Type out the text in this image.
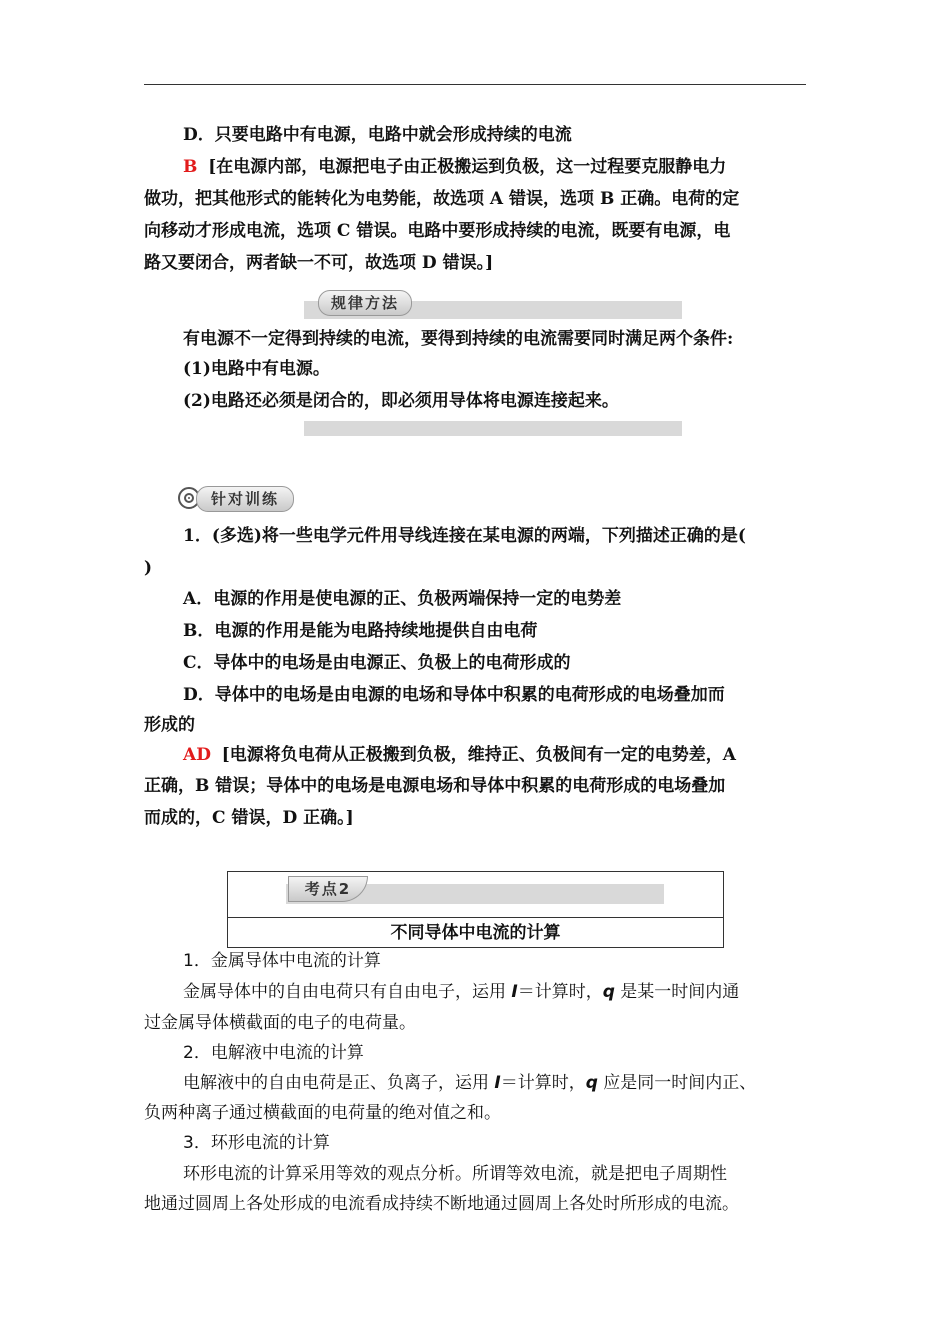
D．只要电路中有电源，电路中就会形成持续的电流
B [在电源内部，电源把电子由正极搬运到负极，这一过程要克服静电力
做功，把其他形式的能转化为电势能，故选项 A 错误，选项 B 正确。电荷的定
向移动才形成电流，选项 C 错误。电路中要形成持续的电流，既要有电源，电
路又要闭合，两者缺一不可，故选项 D 错误。]
规律方法
有电源不一定得到持续的电流，要得到持续的电流需要同时满足两个条件:
(1)电路中有电源。
(2)电路还必须是闭合的，即必须用导体将电源连接起来。
针对训练
1．(多选)将一些电学元件用导线连接在某电源的两端，下列描述正确的是(
)
A．电源的作用是使电源的正、负极两端保持一定的电势差
B．电源的作用是能为电路持续地提供自由电荷
C．导体中的电场是由电源正、负极上的电荷形成的
D．导体中的电场是由电源的电场和导体中积累的电荷形成的电场叠加而
形成的
AD [电源将负电荷从正极搬到负极，维持正、负极间有一定的电势差，A
正确，B 错误；导体中的电场是电源电场和导体中积累的电荷形成的电场叠加
而成的，C 错误，D 正确。]
考点2
不同导体中电流的计算
1．金属导体中电流的计算
金属导体中的自由电荷只有自由电子，运用 I＝计算时，q 是某一时间内通
过金属导体横截面的电子的电荷量。
2．电解液中电流的计算
电解液中的自由电荷是正、负离子，运用 I＝计算时，q 应是同一时间内正、
负两种离子通过横截面的电荷量的绝对值之和。
3．环形电流的计算
环形电流的计算采用等效的观点分析。所谓等效电流，就是把电子周期性
地通过圆周上各处形成的电流看成持续不断地通过圆周上各处时所形成的电流。
